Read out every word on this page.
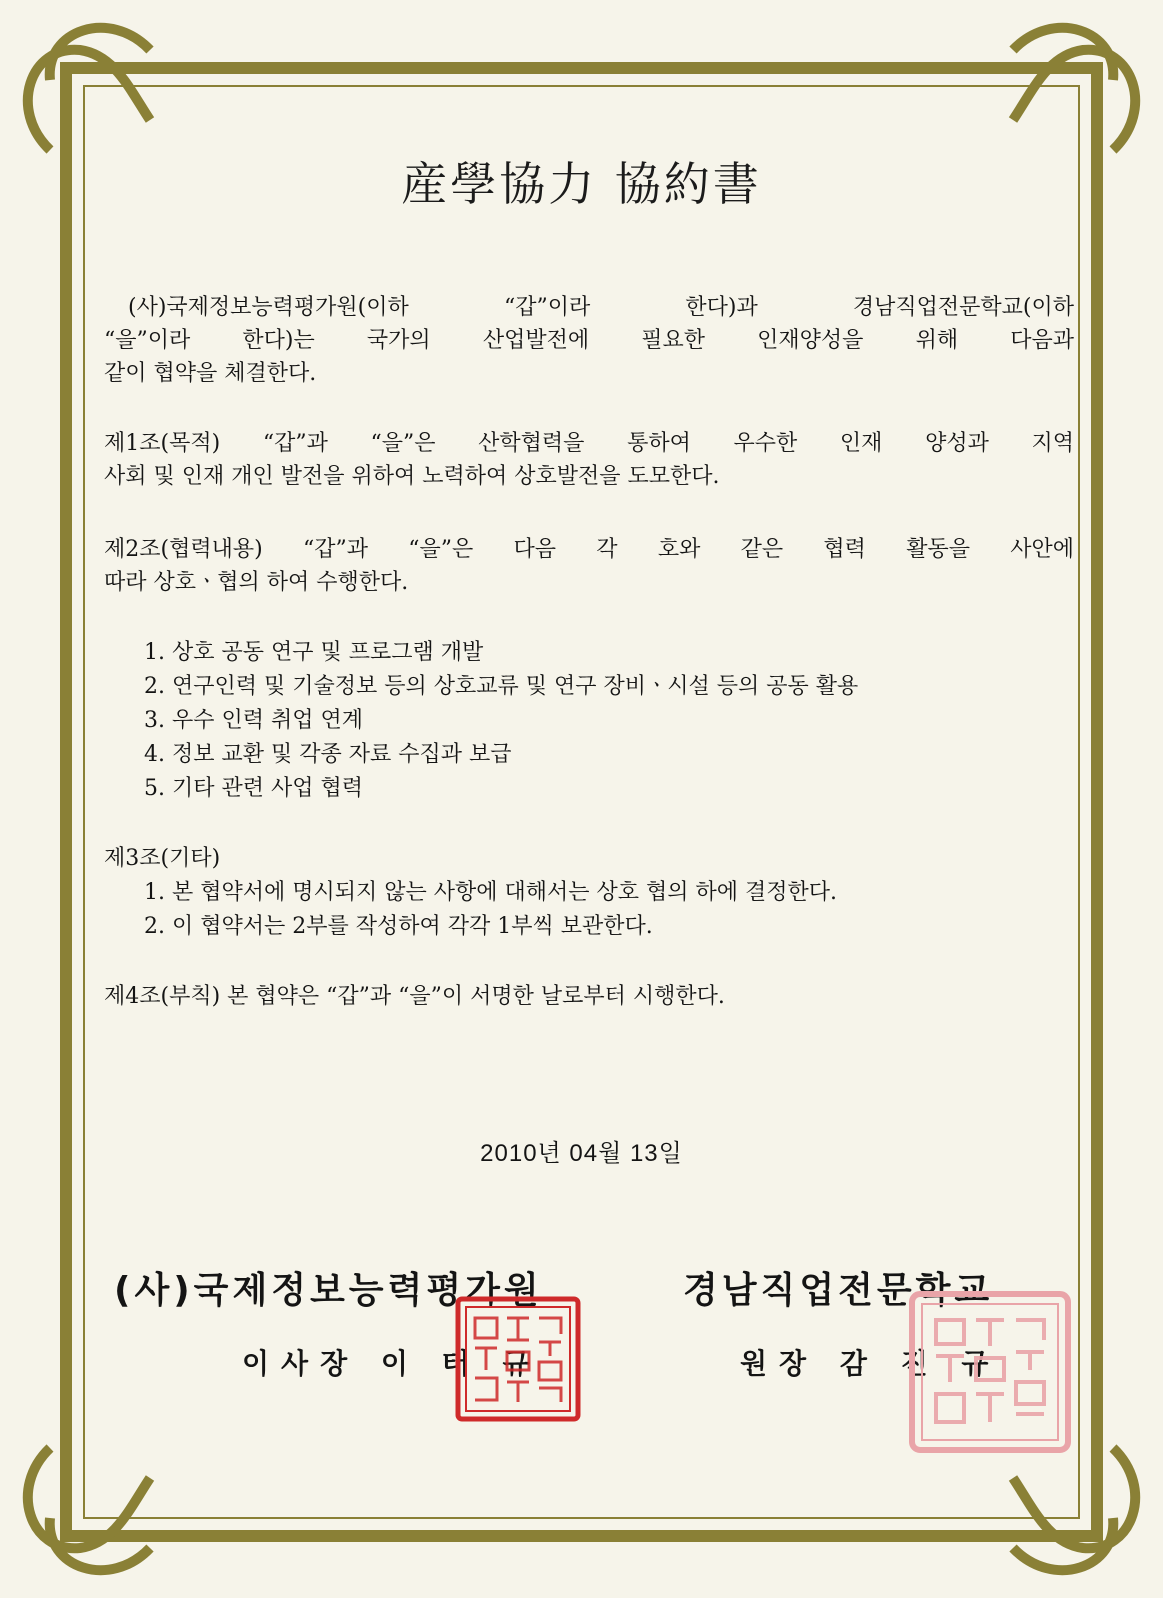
産學協力 協約書

(사)국제정보능력평가원(이하 “갑”이라 한다)과 경남직업전문학교(이하

“을”이라 한다)는 국가의 산업발전에 필요한 인재양성을 위해 다음과

같이 협약을 체결한다.

제1조(목적) “갑”과 “을”은 산학협력을 통하여 우수한 인재 양성과 지역

사회 및 인재 개인 발전을 위하여 노력하여 상호발전을 도모한다.

제2조(협력내용) “갑”과 “을”은 다음 각 호와 같은 협력 활동을 사안에

따라 상호ㆍ협의 하여 수행한다.

1. 상호 공동 연구 및 프로그램 개발
2. 연구인력 및 기술정보 등의 상호교류 및 연구 장비ㆍ시설 등의 공동 활용
3. 우수 인력 취업 연계
4. 정보 교환 및 각종 자료 수집과 보급
5. 기타 관련 사업 협력
제3조(기타)
1. 본 협약서에 명시되지 않는 사항에 대해서는 상호 협의 하에 결정한다.
2. 이 협약서는 2부를 작성하여 각각 1부씩 보관한다.
제4조(부칙) 본 협약은 “갑”과 “을”이 서명한 날로부터 시행한다.
2010년 04월 13일
(사)국제정보능력평가원
이사장 이 태 규
경남직업전문학교
원장 감 진 규
